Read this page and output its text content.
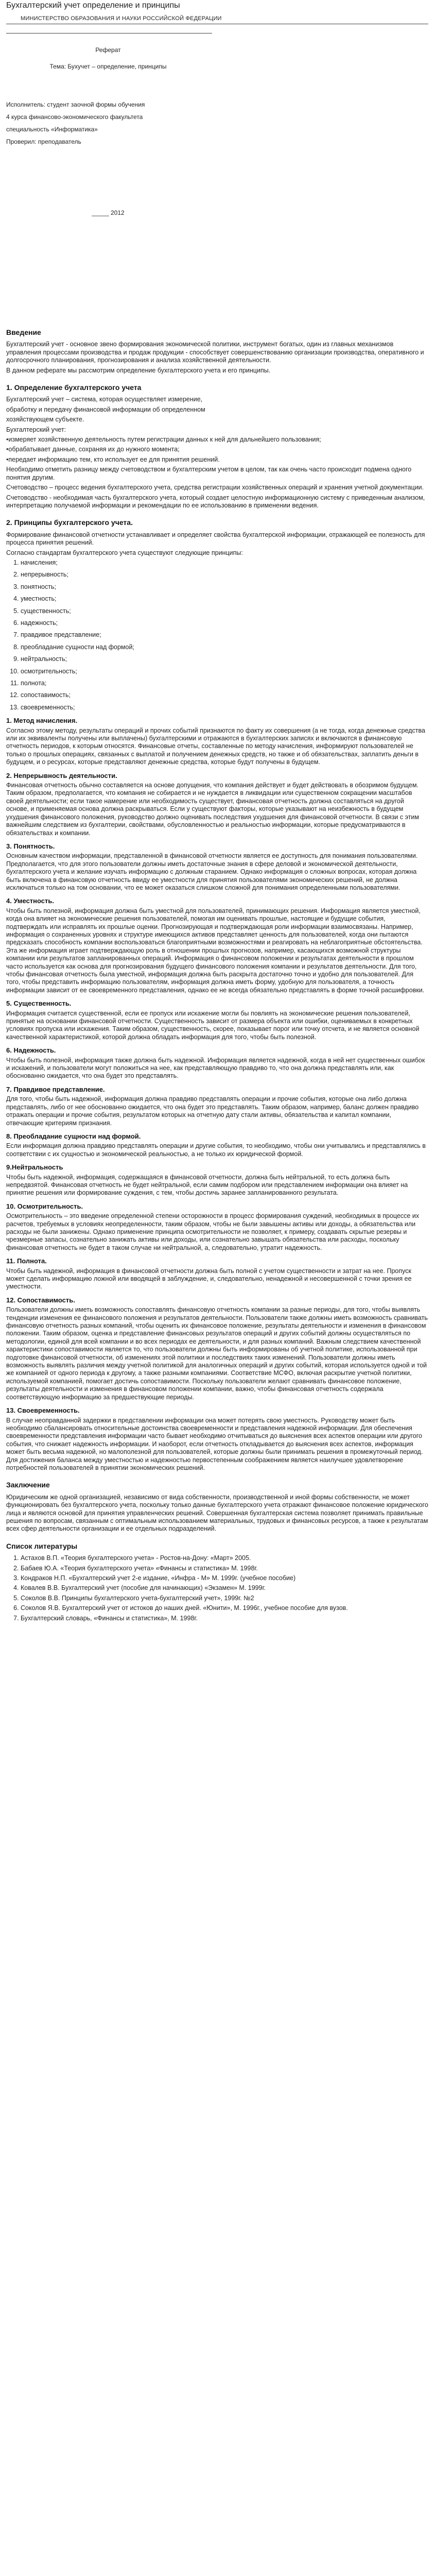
Бухгалтерский учет определение и принципы
МИНИСТЕРСТВО ОБРАЗОВАНИЯ И НАУКИ РОССИЙСКОЙ ФЕДЕРАЦИИ
Реферат
Тема: Бухучет – определение, принципы
Исполнитель: студент заочной формы обучения
4 курса финансово-экономического факультета
специальность «Информатика»
Проверил: преподаватель
_____ 2012
Введение

Бухгалтерский учет - основное звено формирования экономической политики, инструмент богатых, один из главных механизмов управления процессами производства и продаж продукции - способствует совершенствованию организации производства, оперативного и долгосрочного планирования, прогнозирования и анализа хозяйственной деятельности.

В данном реферате мы рассмотрим определение бухгалтерского учета и его принципы.

1. Определение бухгалтерского учета

Бухгалтерский учет – система, которая осуществляет измерение,

обработку и передачу финансовой информации об определенном

хозяйствующем субъекте.

Бухгалтерский учет:

•измеряет хозяйственную деятельность путем регистрации данных к ней для дальнейшего пользования;

•обрабатывает данные, сохраняя их до нужного момента;

•передает информацию тем, кто использует ее для принятия решений.

Необходимо отметить разницу между счетоводством и бухгалтерским учетом в целом, так как очень часто происходит подмена одного понятия другим.

Счетоводство – процесс ведения бухгалтерского учета, средства регистрации хозяйственных операций и хранения учетной документации.

Счетоводство - необходимая часть бухгалтерского учета, который создает целостную информационную систему с приведенным анализом, интерпретацию получаемой информации и рекомендации по ее использованию в применении ведения.

2. Принципы бухгалтерского учета.

Формирование финансовой отчетности устанавливает и определяет свойства бухгалтерской информации, отражающей ее полезность для процесса принятия решений.

Согласно стандартам бухгалтерского учета существуют следующие принципы:

1. начисления;
2. непрерывность;
3. понятность;
4. уместность;
5. существенность;
6. надежность;
7. правдивое представление;
8. преобладание сущности над формой;
9. нейтральность;
10. осмотрительность;
11. полнота;
12. сопоставимость;
13. своевременность;
1. Метод начисления.

Согласно этому методу, результаты операций и прочих событий признаются по факту их совершения (а не тогда, когда денежные средства или их эквиваленты получены или выплачены) бухгалтерскими и отражаются в бухгалтерских записях и включаются в финансовую отчетность периодов, к которым относятся. Финансовые отчеты, составленные по методу начисления, информируют пользователей не только о прошлых операциях, связанных с выплатой и получением денежных средств, но также и об обязательствах, заплатить деньги в будущем, и о ресурсах, которые представляют денежные средства, которые будут получены в будущем.

2. Непрерывность деятельности.

Финансовая отчетность обычно составляется на основе допущения, что компания действует и будет действовать в обозримом будущем. Таким образом, предполагается, что компания не собирается и не нуждается в ликвидации или существенном сокращении масштабов своей деятельности; если такое намерение или необходимость существует, финансовая отчетность должна составляться на другой основе, и применяемая основа должна раскрываться. Если у существуют факторы, которые указывают на неизбежность в будущем ухудшения финансового положения, руководство должно оценивать последствия ухудшения для финансовой отчетности. В связи с этим важнейшим следствием из бухгалтерии, свойствами, обусловленностью и реальностью информации, которые предусматриваются в обязательствах и компании.

3. Понятность.

Основным качеством информации, представленной в финансовой отчетности является ее доступность для понимания пользователями. Предполагается, что для этого пользователи должны иметь достаточные знания в сфере деловой и экономической деятельности, бухгалтерского учета и желание изучать информацию с должным старанием. Однако информация о сложных вопросах, которая должна быть включена в финансовую отчетность ввиду ее уместности для принятия пользователями экономических решений, не должна исключаться только на том основании, что ее может оказаться слишком сложной для понимания определенными пользователями.

4. Уместность.

Чтобы быть полезной, информация должна быть уместной для пользователей, принимающих решения. Информация является уместной, когда она влияет на экономические решения пользователей, помогая им оценивать прошлые, настоящие и будущие события, подтверждать или исправлять их прошлые оценки. Прогнозирующая и подтверждающая роли информации взаимосвязаны. Например, информация о сохраненных уровнях и структуре имеющихся активов представляет ценность для пользователей, когда они пытаются предсказать способность компании воспользоваться благоприятными возможностями и реагировать на неблагоприятные обстоятельства. Эта же информация играет подтверждающую роль в отношении прошлых прогнозов, например, касающихся возможной структуры компании или результатов запланированных операций. Информация о финансовом положении и результатах деятельности в прошлом часто используется как основа для прогнозирования будущего финансового положения компании и результатов деятельности. Для того, чтобы финансовая отчетность была уместной, информация должна быть раскрыта достаточно точно и удобно для пользователей. Для того, чтобы представить информацию пользователям, информация должна иметь форму, удобную для пользователя, а точность информации зависит от ее своевременного представления, однако ее не всегда обязательно представлять в форме точной расшифровки.

5. Существенность.

Информация считается существенной, если ее пропуск или искажение могли бы повлиять на экономические решения пользователей, принятые на основании финансовой отчетности. Существенность зависит от размера объекта или ошибки, оцениваемых в конкретных условиях пропуска или искажения. Таким образом, существенность, скорее, показывает порог или точку отсчета, и не является основной качественной характеристикой, которой должна обладать информация для того, чтобы быть полезной.

6. Надежность.

Чтобы быть полезной, информация также должна быть надежной. Информация является надежной, когда в ней нет существенных ошибок и искажений, и пользователи могут положиться на нее, как представляющую правдиво то, что она должна представлять или, как обоснованно ожидается, что она будет это представлять.

7. Правдивое представление.

Для того, чтобы быть надежной, информация должна правдиво представлять операции и прочие события, которые она либо должна представлять, либо от нее обоснованно ожидается, что она будет это представлять. Таким образом, например, баланс должен правдиво отражать операции и прочие события, результатом которых на отчетную дату стали активы, обязательства и капитал компании, отвечающие критериям признания.

8. Преобладание сущности над формой.

Если информация должна правдиво представлять операции и другие события, то необходимо, чтобы они учитывались и представлялись в соответствии с их сущностью и экономической реальностью, а не только их юридической формой.

9.Нейтральность

Чтобы быть надежной, информация, содержащаяся в финансовой отчетности, должна быть нейтральной, то есть должна быть непредвзятой. Финансовая отчетность не будет нейтральной, если самим подбором или представлением информации она влияет на принятие решения или формирование суждения, с тем, чтобы достичь заранее запланированного результата.

10. Осмотрительность.

Осмотрительность – это введение определенной степени осторожности в процесс формирования суждений, необходимых в процессе их расчетов, требуемых в условиях неопределенности, таким образом, чтобы не были завышены активы или доходы, а обязательства или расходы не были занижены. Однако применение принципа осмотрительности не позволяет, к примеру, создавать скрытые резервы и чрезмерные запасы, сознательно занижать активы или доходы, или сознательно завышать обязательства или расходы, поскольку финансовая отчетность не будет в таком случае ни нейтральной, а, следовательно, утратит надежность.

11. Полнота.

Чтобы быть надежной, информация в финансовой отчетности должна быть полной с учетом существенности и затрат на нее. Пропуск может сделать информацию ложной или вводящей в заблуждение, и, следовательно, ненадежной и несовершенной с точки зрения ее уместности.

12. Сопоставимость.

Пользователи должны иметь возможность сопоставлять финансовую отчетность компании за разные периоды, для того, чтобы выявлять тенденции изменения ее финансового положения и результатов деятельности. Пользователи также должны иметь возможность сравнивать финансовую отчетность разных компаний, чтобы оценить их финансовое положение, результаты деятельности и изменения в финансовом положении. Таким образом, оценка и представление финансовых результатов операций и других событий должны осуществляться по методологии, единой для всей компании и во всех периодах ее деятельности, и для разных компаний. Важным следствием качественной характеристики сопоставимости является то, что пользователи должны быть информированы об учетной политике, использованной при подготовке финансовой отчетности, об изменениях этой политики и последствиях таких изменений. Пользователи должны иметь возможность выявлять различия между учетной политикой для аналогичных операций и других событий, которая используется одной и той же компанией от одного периода к другому, а также разными компаниями. Соответствие МСФО, включая раскрытие учетной политики, используемой компанией, помогает достичь сопоставимости. Поскольку пользователи желают сравнивать финансовое положение, результаты деятельности и изменения в финансовом положении компании, важно, чтобы финансовая отчетность содержала соответствующую информацию за предшествующие периоды.

13. Своевременность.

В случае неоправданной задержки в представлении информации она может потерять свою уместность. Руководству может быть необходимо сбалансировать относительные достоинства своевременности и представления надежной информации. Для обеспечения своевременности представления информации часто бывает необходимо отчитываться до выяснения всех аспектов операции или другого события, что снижает надежность информации. И наоборот, если отчетность откладывается до выяснения всех аспектов, информация может быть весьма надежной, но малополезной для пользователей, которые должны были принимать решения в промежуточный период. Для достижения баланса между уместностью и надежностью первостепенным соображением является наилучшее удовлетворение потребностей пользователей в принятии экономических решений.

Заключение

Юридическим же одной организацией, независимо от вида собственности, производственной и иной формы собственности, не может функционировать без бухгалтерского учета, поскольку только данные бухгалтерского учета отражают финансовое положение юридического лица и являются основой для принятия управленческих решений. Совершенная бухгалтерская система позволяет принимать правильные решения по вопросам, связанным с оптимальным использованием материальных, трудовых и финансовых ресурсов, а также к результатам всех сфер деятельности организации и ее отдельных подразделений.

Список литературы
1. Астахов В.П. «Теория бухгалтерского учета» - Ростов-на-Дону: «Март» 2005.
2. Бабаев Ю.А. «Теория бухгалтерского учета» «Финансы и статистика» М. 1998г.
3. Кондраков Н.П. «Бухгалтерский учет 2-е издание, «Инфра - М» М. 1999г. (учебное пособие)
4. Ковалев В.В. Бухгалтерский учет (пособие для начинающих) «Экзамен» М. 1999г.
5. Соколов В.В. Принципы бухгалтерского учета-бухгалтерский учет», 1999г. №2
6. Соколов Я.В. Бухгалтерский учет от истоков до наших дней. «Юнити», М. 1996г., учебное пособие для вузов.
7. Бухгалтерский словарь, «Финансы и статистика», М. 1998г.
